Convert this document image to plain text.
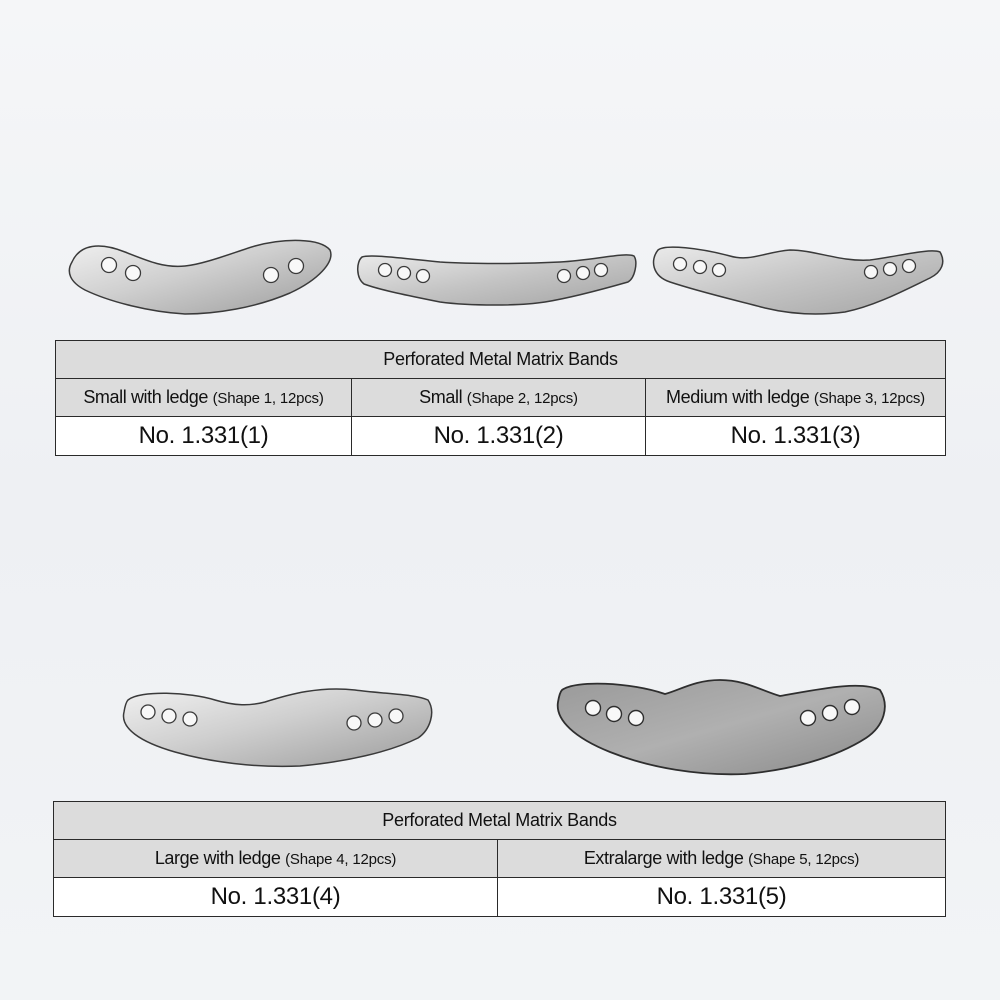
Perforated Metal Matrix Bands		
Small with ledge (Shape 1, 12pcs)	Small (Shape 2, 12pcs)	Medium with ledge (Shape 3, 12pcs)
No. 1.331(1)	No. 1.331(2)	No. 1.331(3)
Perforated Metal Matrix Bands	
Large with ledge (Shape 4, 12pcs)	Extralarge with ledge (Shape 5, 12pcs)
No. 1.331(4)	No. 1.331(5)
